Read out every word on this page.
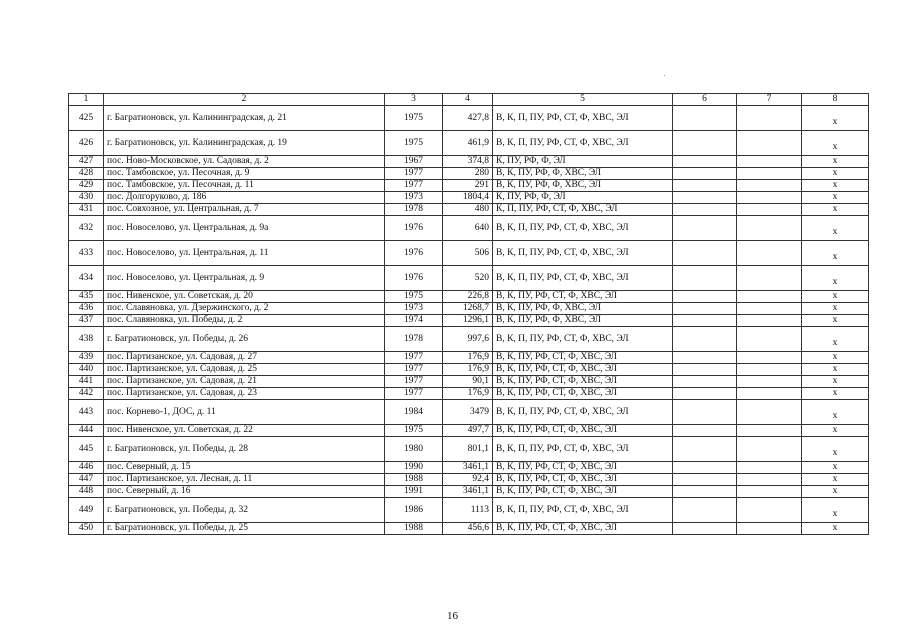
1	2	3	4	5	6	7	8
425	г. Багратионовск, ул. Калининградская, д. 21	1975	427,8	В, К, П, ПУ, РФ, СТ, Ф, ХВС, ЭЛ			х
426	г. Багратионовск, ул. Калининградская, д. 19	1975	461,9	В, К, П, ПУ, РФ, СТ, Ф, ХВС, ЭЛ			х
427	пос. Ново-Московское, ул. Садовая, д. 2	1967	374,8	К, ПУ, РФ, Ф, ЭЛ			х
428	пос. Тамбовское, ул. Песочная, д. 9	1977	280	В, К, ПУ, РФ, Ф, ХВС, ЭЛ			х
429	пос. Тамбовское, ул. Песочная, д. 11	1977	291	В, К, ПУ, РФ, Ф, ХВС, ЭЛ			х
430	пос. Долгоруково, д. 186	1973	1804,4	К, ПУ, РФ, Ф, ЭЛ			х
431	пос. Совхозное, ул. Центральная, д. 7	1978	480	К, П, ПУ, РФ, СТ, Ф, ХВС, ЭЛ			х
432	пос. Новоселово, ул. Центральная, д. 9а	1976	640	В, К, П, ПУ, РФ, СТ, Ф, ХВС, ЭЛ			х
433	пос. Новоселово, ул. Центральная, д. 11	1976	506	В, К, П, ПУ, РФ, СТ, Ф, ХВС, ЭЛ			х
434	пос. Новоселово, ул. Центральная, д. 9	1976	520	В, К, П, ПУ, РФ, СТ, Ф, ХВС, ЭЛ			х
435	пос. Нивенское, ул. Советская, д. 20	1975	226,8	В, К, ПУ, РФ, СТ, Ф, ХВС, ЭЛ			х
436	пос. Славяновка, ул. Дзержинского, д. 2	1973	1268,7	В, К, ПУ, РФ, Ф, ХВС, ЭЛ			х
437	пос. Славяновка, ул. Победы, д. 2	1974	1296,1	В, К, ПУ, РФ, Ф, ХВС, ЭЛ			х
438	г. Багратионовск, ул. Победы, д. 26	1978	997,6	В, К, П, ПУ, РФ, СТ, Ф, ХВС, ЭЛ			х
439	пос. Партизанское, ул. Садовая, д. 27	1977	176,9	В, К, ПУ, РФ, СТ, Ф, ХВС, ЭЛ			х
440	пос. Партизанское, ул. Садовая, д. 25	1977	176,9	В, К, ПУ, РФ, СТ, Ф, ХВС, ЭЛ			х
441	пос. Партизанское, ул. Садовая, д. 21	1977	90,1	В, К, ПУ, РФ, СТ, Ф, ХВС, ЭЛ			х
442	пос. Партизанское, ул. Садовая, д. 23	1977	176,9	В, К, ПУ, РФ, СТ, Ф, ХВС, ЭЛ			х
443	пос. Корнево-1, ДОС, д. 11	1984	3479	В, К, П, ПУ, РФ, СТ, Ф, ХВС, ЭЛ			х
444	пос. Нивенское, ул. Советская, д. 22	1975	497,7	В, К, ПУ, РФ, СТ, Ф, ХВС, ЭЛ			х
445	г. Багратионовск, ул. Победы, д. 28	1980	801,1	В, К, П, ПУ, РФ, СТ, Ф, ХВС, ЭЛ			х
446	пос. Северный, д. 15	1990	3461,1	В, К, ПУ, РФ, СТ, Ф, ХВС, ЭЛ			х
447	пос. Партизанское, ул. Лесная, д. 11	1988	92,4	В, К, ПУ, РФ, СТ, Ф, ХВС, ЭЛ			х
448	пос. Северный, д. 16	1991	3461,1	В, К, ПУ, РФ, СТ, Ф, ХВС, ЭЛ			х
449	г. Багратионовск, ул. Победы, д. 32	1986	1113	В, К, П, ПУ, РФ, СТ, Ф, ХВС, ЭЛ			х
450	г. Багратионовск, ул. Победы, д. 25	1988	456,6	В, К, ПУ, РФ, СТ, Ф, ХВС, ЭЛ			х
16
